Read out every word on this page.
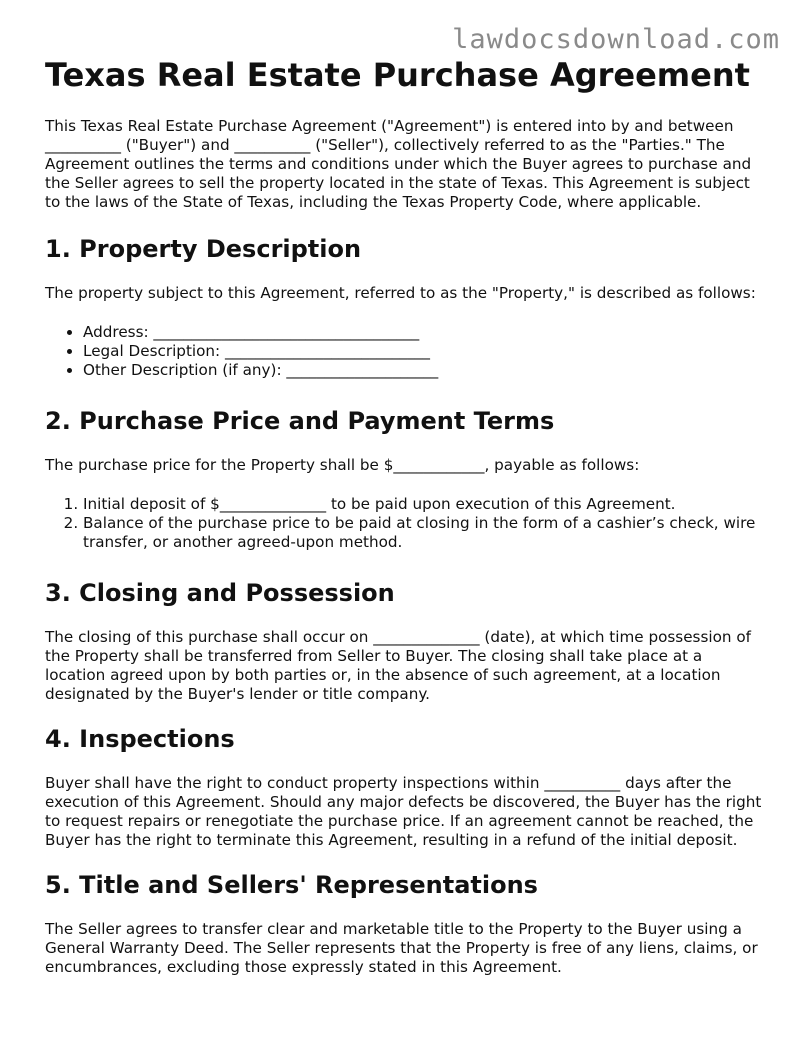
lawdocsdownload.com
Texas Real Estate Purchase Agreement

This Texas Real Estate Purchase Agreement ("Agreement") is entered into by and between __________ ("Buyer") and __________ ("Seller"), collectively referred to as the "Parties." The Agreement outlines the terms and conditions under which the Buyer agrees to purchase and the Seller agrees to sell the property located in the state of Texas. This Agreement is subject to the laws of the State of Texas, including the Texas Property Code, where applicable.

1. Property Description

The property subject to this Agreement, referred to as the "Property," is described as follows:

• Address: ___________________________________
• Legal Description: ___________________________
• Other Description (if any): ____________________
2. Purchase Price and Payment Terms

The purchase price for the Property shall be $____________, payable as follows:

1. Initial deposit of $______________ to be paid upon execution of this Agreement.
2. Balance of the purchase price to be paid at closing in the form of a cashier’s check, wire transfer, or another agreed-upon method.
3. Closing and Possession

The closing of this purchase shall occur on ______________ (date), at which time possession of the Property shall be transferred from Seller to Buyer. The closing shall take place at a location agreed upon by both parties or, in the absence of such agreement, at a location designated by the Buyer's lender or title company.

4. Inspections

Buyer shall have the right to conduct property inspections within __________ days after the execution of this Agreement. Should any major defects be discovered, the Buyer has the right to request repairs or renegotiate the purchase price. If an agreement cannot be reached, the Buyer has the right to terminate this Agreement, resulting in a refund of the initial deposit.

5. Title and Sellers' Representations

The Seller agrees to transfer clear and marketable title to the Property to the Buyer using a General Warranty Deed. The Seller represents that the Property is free of any liens, claims, or encumbrances, excluding those expressly stated in this Agreement.
